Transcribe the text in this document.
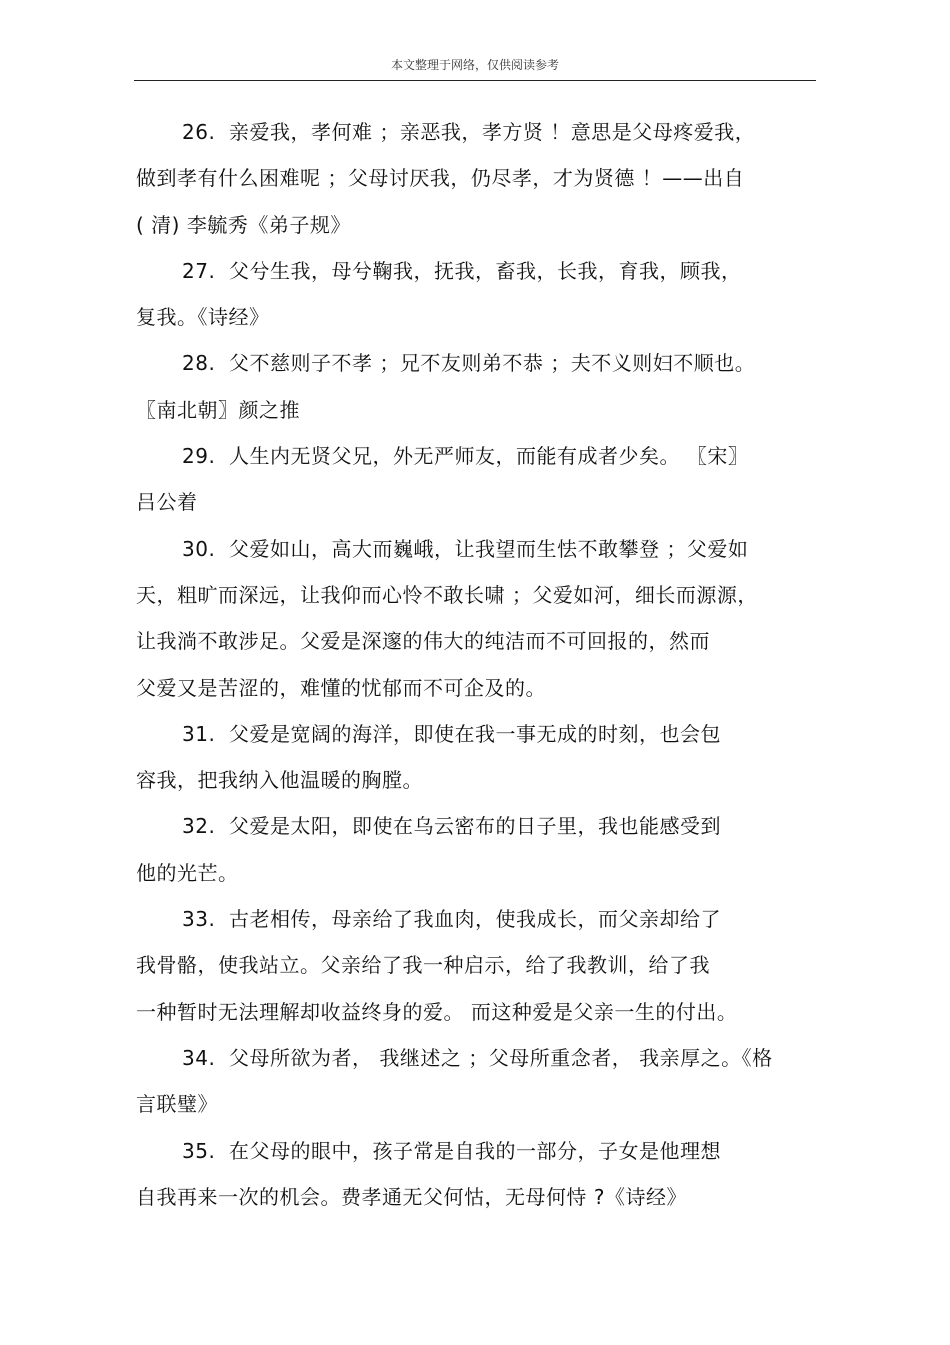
本文整理于网络，仅供阅读参考
26.  亲爱我，孝何难 ；亲恶我，孝方贤 ！意思是父母疼爱我，
做到孝有什么困难呢 ；父母讨厌我，仍尽孝，才为贤德 ！——出自
( 清) 李毓秀《弟子规》
27.  父兮生我，母兮鞠我，抚我，畜我，长我，育我，顾我，
复我。《诗经》
28.  父不慈则子不孝 ；兄不友则弟不恭 ；夫不义则妇不顺也。
〖南北朝〗颜之推
29.  人生内无贤父兄，外无严师友，而能有成者少矣。 〖宋〗
吕公着
30.  父爱如山，高大而巍峨，让我望而生怯不敢攀登 ；父爱如
天，粗旷而深远，让我仰而心怜不敢长啸 ；父爱如河，细长而源源，
让我淌不敢涉足。父爱是深邃的伟大的纯洁而不可回报的，然而
父爱又是苦涩的，难懂的忧郁而不可企及的。
31.  父爱是宽阔的海洋，即使在我一事无成的时刻，也会包
容我，把我纳入他温暖的胸膛。
32.  父爱是太阳，即使在乌云密布的日子里，我也能感受到
他的光芒。
33.  古老相传，母亲给了我血肉，使我成长，而父亲却给了
我骨骼，使我站立。父亲给了我一种启示，给了我教训，给了我
一种暂时无法理解却收益终身的爱。 而这种爱是父亲一生的付出。
34.  父母所欲为者， 我继述之 ；父母所重念者， 我亲厚之。《格
言联璧》
35.  在父母的眼中，孩子常是自我的一部分，子女是他理想
自我再来一次的机会。费孝通无父何怙，无母何恃 ?《诗经》
